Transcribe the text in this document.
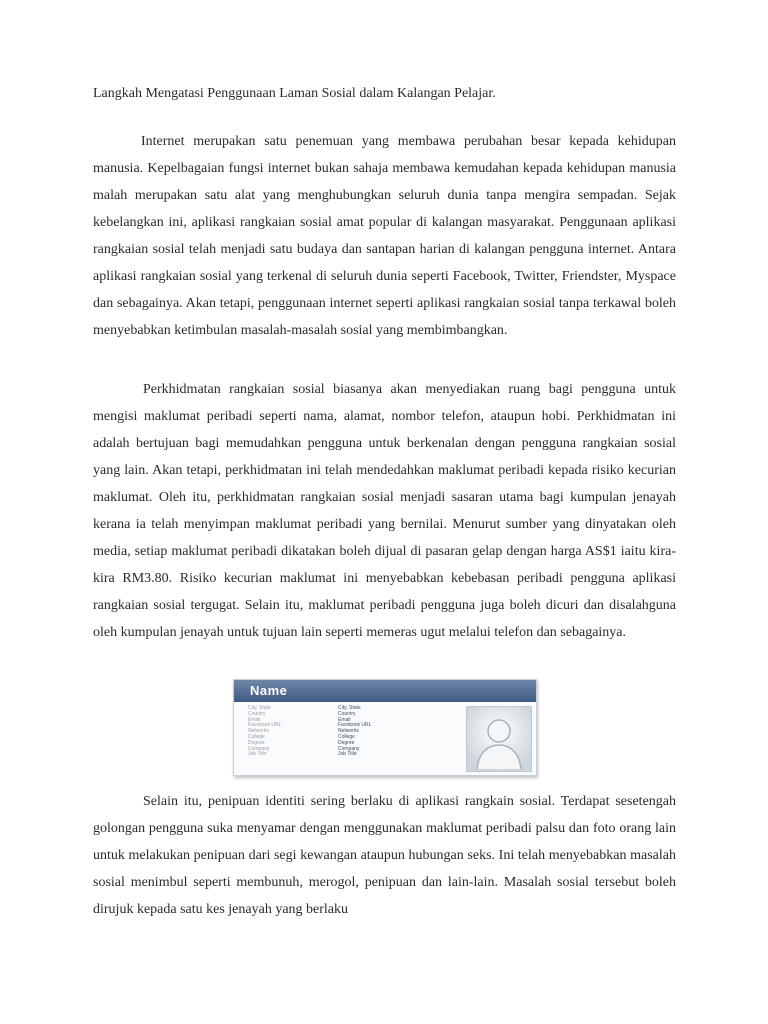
Langkah Mengatasi Penggunaan Laman Sosial dalam Kalangan Pelajar.

Internet merupakan satu penemuan yang membawa perubahan besar kepada kehidupan manusia. Kepelbagaian fungsi internet bukan sahaja membawa kemudahan kepada kehidupan manusia malah merupakan satu alat yang menghubungkan seluruh dunia tanpa mengira sempadan. Sejak kebelangkan ini, aplikasi rangkaian sosial amat popular di kalangan masyarakat. Penggunaan aplikasi rangkaian sosial telah menjadi satu budaya dan santapan harian di kalangan pengguna internet. Antara aplikasi rangkaian sosial yang terkenal di seluruh dunia seperti Facebook, Twitter, Friendster, Myspace dan sebagainya. Akan tetapi, penggunaan internet seperti aplikasi rangkaian sosial tanpa terkawal boleh menyebabkan ketimbulan masalah-masalah sosial yang membimbangkan.

Perkhidmatan rangkaian sosial biasanya akan menyediakan ruang bagi pengguna untuk mengisi maklumat peribadi seperti nama, alamat, nombor telefon, ataupun hobi. Perkhidmatan ini adalah bertujuan bagi memudahkan pengguna untuk berkenalan dengan pengguna rangkaian sosial yang lain. Akan tetapi, perkhidmatan ini telah mendedahkan maklumat peribadi kepada risiko kecurian maklumat. Oleh itu, perkhidmatan rangkaian sosial menjadi sasaran utama bagi kumpulan jenayah kerana ia telah menyimpan maklumat peribadi yang bernilai. Menurut sumber yang dinyatakan oleh media, setiap maklumat peribadi dikatakan boleh dijual di pasaran gelap dengan harga AS$1 iaitu kira-kira RM3.80. Risiko kecurian maklumat ini menyebabkan kebebasan peribadi pengguna aplikasi rangkaian sosial tergugat. Selain itu, maklumat peribadi pengguna juga boleh dicuri dan disalahguna oleh kumpulan jenayah untuk tujuan lain seperti memeras ugut melalui telefon dan sebagainya.

Name
City, State
Country
Email
Facebook URL
Networks
College
Degree
Company
Job Title
City, State
Country
Email
Facebook URL
Networks
College
Degree
Company
Job Title

Selain itu, penipuan identiti sering berlaku di aplikasi rangkain sosial. Terdapat sesetengah golongan pengguna suka menyamar dengan menggunakan maklumat peribadi palsu dan foto orang lain untuk melakukan penipuan dari segi kewangan ataupun hubungan seks. Ini telah menyebabkan masalah sosial menimbul seperti membunuh, merogol, penipuan dan lain-lain. Masalah sosial tersebut boleh dirujuk kepada satu kes jenayah yang berlaku
